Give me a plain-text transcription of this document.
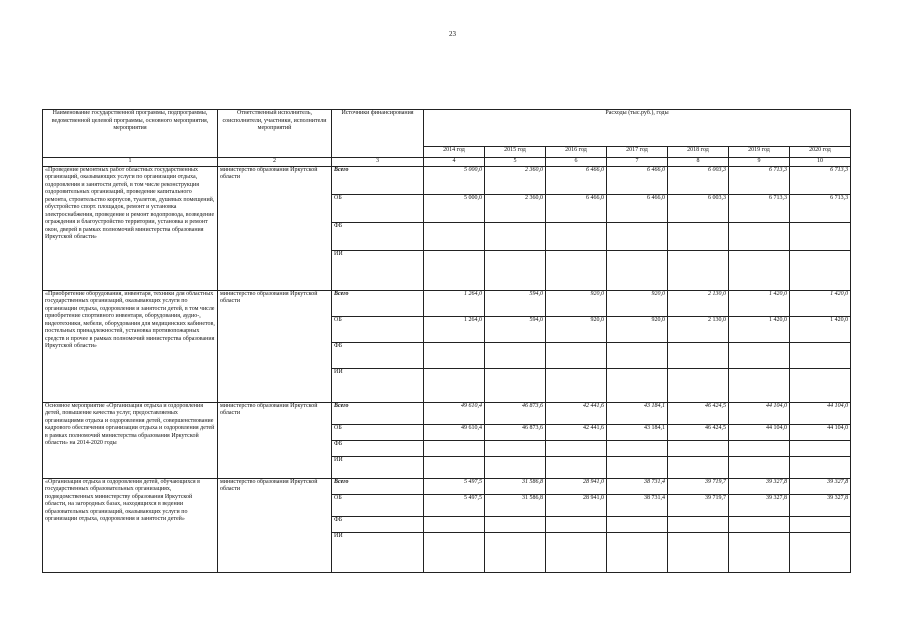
23
Наименование государственной программы, подпрограммы, ведомственной целевой программы, основного мероприятия, мероприятия	Ответственный исполнитель, соисполнители, участники, исполнители мероприятий	Источники финансирования	Расходы (тыс.руб.), годы						
			2014 год	2015 год	2016 год	2017 год	2018 год	2019 год	2020 год
1	2	3	4	5	6	7	8	9	10
«Проведение ремонтных работ областных государственных организаций, оказывающих услуги по организации отдыха, оздоровления и занятости детей, в том числе реконструкция оздоровительных организаций, проведение капитального ремонта, строительство корпусов, туалетов, душевых помещений, обустройство спорт. площадок, ремонт и установка электроснабжения, проведение и ремонт водопровода, возведение ограждения и благоустройство территории, установка и ремонт окон, дверей в рамках полномочий министерства образования Иркутской области»	министерство образования Иркутской области	Всего	5 000,0	2 360,0	6 466,0	6 466,0	6 003,3	6 713,3	6 713,3
		ОБ	5 000,0	2 360,0	6 466,0	6 466,0	6 003,3	6 713,3	6 713,3
		ФБ							
		ИИ							
«Приобретение оборудования, инвентаря, техники для областных государственных организаций, оказывающих услуги по организации отдыха, оздоровления и занятости детей, в том числе приобретение спортивного инвентаря, оборудования, аудио-, видеотехники, мебели, оборудования для медицинских кабинетов, постельных принадлежностей, установка противопожарных средств и прочее в рамках полномочий министерства образования Иркутской области»	министерство образования Иркутской области	Всего	1 264,0	594,0	920,0	920,0	2 130,0	1 420,0	1 420,0
		ОБ	1 264,0	594,0	920,0	920,0	2 130,0	1 420,0	1 420,0
		ФБ							
		ИИ							
Основное мероприятие «Организация отдыха и оздоровления детей, повышение качества услуг, предоставляемых организациями отдыха и оздоровления детей, совершенствование кадрового обеспечения организации отдыха и оздоровления детей в рамках полномочий министерства образования Иркутской области» на 2014-2020 годы	министерство образования Иркутской области	Всего	49 610,4	46 873,6	42 441,6	43 184,1	46 424,5	44 104,0	44 104,0
		ОБ	49 610,4	46 873,6	42 441,6	43 184,1	46 424,5	44 104,0	44 104,0
		ФБ							
		ИИ							
«Организация отдыха и оздоровления детей, обучающихся в государственных образовательных организациях, подведомственных министерству образования Иркутской области, на загородных базах, находящихся в ведении образовательных организаций, оказывающих услуги по организации отдыха, оздоровления и занятости детей»	министерство образования Иркутской области	Всего	5 497,5	31 586,8	28 941,0	38 731,4	39 719,7	39 327,8	39 327,8
		ОБ	5 497,5	31 586,8	28 941,0	38 731,4	39 719,7	39 327,8	39 327,8
		ФБ							
		ИИ							
